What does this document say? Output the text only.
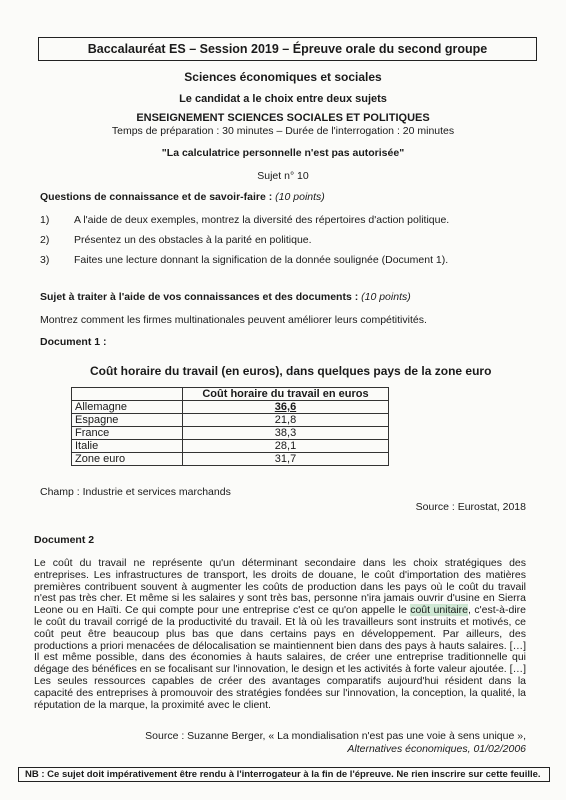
Baccalauréat ES – Session 2019 – Épreuve orale du second groupe
Sciences économiques et sociales
Le candidat a le choix entre deux sujets
ENSEIGNEMENT SCIENCES SOCIALES ET POLITIQUES
Temps de préparation : 30 minutes – Durée de l'interrogation : 20 minutes
"La calculatrice personnelle n'est pas autorisée"
Sujet n° 10
Questions de connaissance et de savoir-faire : (10 points)
1)	A l'aide de deux exemples, montrez la diversité des répertoires d'action politique.
2)	Présentez un des obstacles à la parité en politique.
3)	Faites une lecture donnant la signification de la donnée soulignée (Document 1).
Sujet à traiter à l'aide de vos connaissances et des documents : (10 points)
Montrez comment les firmes multinationales peuvent améliorer leurs compétitivités.
Document 1 :
Coût horaire du travail (en euros), dans quelques pays de la zone euro
	Coût horaire du travail en euros
Allemagne	36,6
Espagne	21,8
France	38,3
Italie	28,1
Zone euro	31,7
Champ : Industrie et services marchands
Source : Eurostat, 2018
Document 2
Le coût du travail ne représente qu'un déterminant secondaire dans les choix stratégiques des entreprises. Les infrastructures de transport, les droits de douane, le coût d'importation des matières premières contribuent souvent à augmenter les coûts de production dans les pays où le coût du travail n'est pas très cher. Et même si les salaires y sont très bas, personne n'ira jamais ouvrir d'usine en Sierra Leone ou en Haïti. Ce qui compte pour une entreprise c'est ce qu'on appelle le coût unitaire, c'est-à-dire le coût du travail corrigé de la productivité du travail. Et là où les travailleurs sont instruits et motivés, ce coût peut être beaucoup plus bas que dans certains pays en développement. Par ailleurs, des productions a priori menacées de délocalisation se maintiennent bien dans des pays à hauts salaires. […] Il est même possible, dans des économies à hauts salaires, de créer une entreprise traditionnelle qui dégage des bénéfices en se focalisant sur l'innovation, le design et les activités à forte valeur ajoutée. […] Les seules ressources capables de créer des avantages comparatifs aujourd'hui résident dans la capacité des entreprises à promouvoir des stratégies fondées sur l'innovation, la conception, la qualité, la réputation de la marque, la proximité avec le client.
Source : Suzanne Berger, « La mondialisation n'est pas une voie à sens unique »,
Alternatives économiques, 01/02/2006
NB : Ce sujet doit impérativement être rendu à l'interrogateur à la fin de l'épreuve. Ne rien inscrire sur cette feuille.
